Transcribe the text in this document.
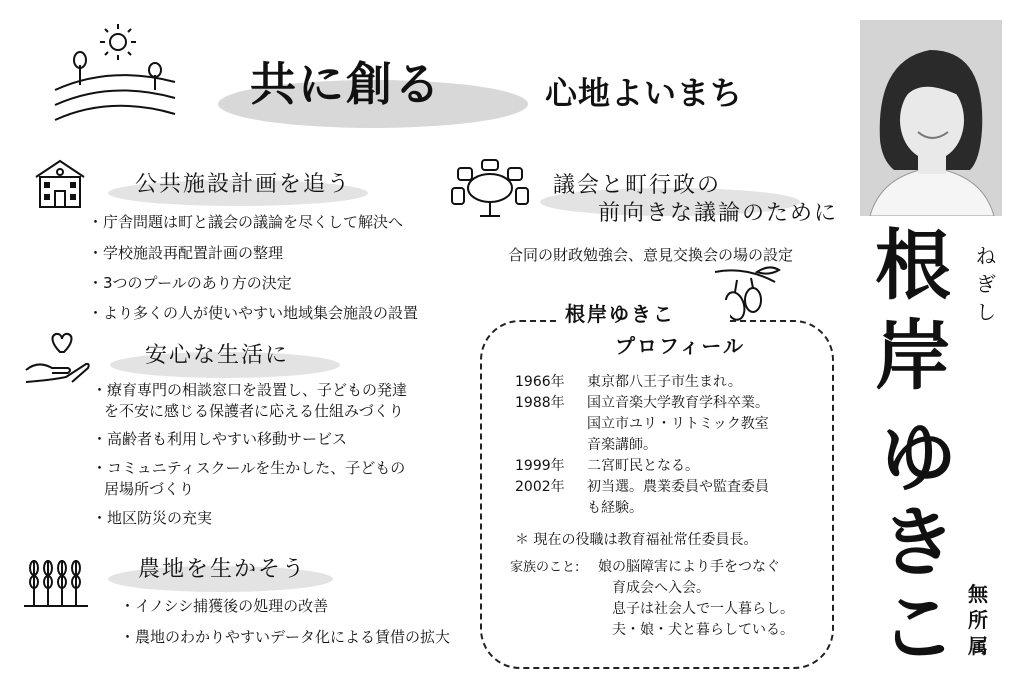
共に創る	心地よいまち
公共施設計画を追う
・庁舎問題は町と議会の議論を尽くして解決へ
・学校施設再配置計画の整理
・3つのプールのあり方の決定
・より多くの人が使いやすい地域集会施設の設置
安心な生活に
・療育専門の相談窓口を設置し、子どもの発達
を不安に感じる保護者に応える仕組みづくり
・高齢者も利用しやすい移動サービス
・コミュニティスクールを生かした、子どもの
居場所づくり
・地区防災の充実
農地を生かそう
・イノシシ捕獲後の処理の改善
・農地のわかりやすいデータ化による賃借の拡大
議会と町行政の
前向きな議論のために
合同の財政勉強会、意見交換会の場の設定
根岸ゆきこ
プロフィール
1966年 東京都八王子市生まれ。
1988年 国立音楽大学教育学科卒業。
国立市ユリ・リトミック教室
音楽講師。
1999年 二宮町民となる。
2002年 初当選。農業委員や監査委員
も経験。
＊ 現在の役職は教育福祉常任委員長。
家族のこと: 娘の脳障害により手をつなぐ
育成会へ入会。
息子は社会人で一人暮らし。
夫・娘・犬と暮らしている。
根
岸
ゆ
き
こ
ね
ぎ
し
無
所
属
